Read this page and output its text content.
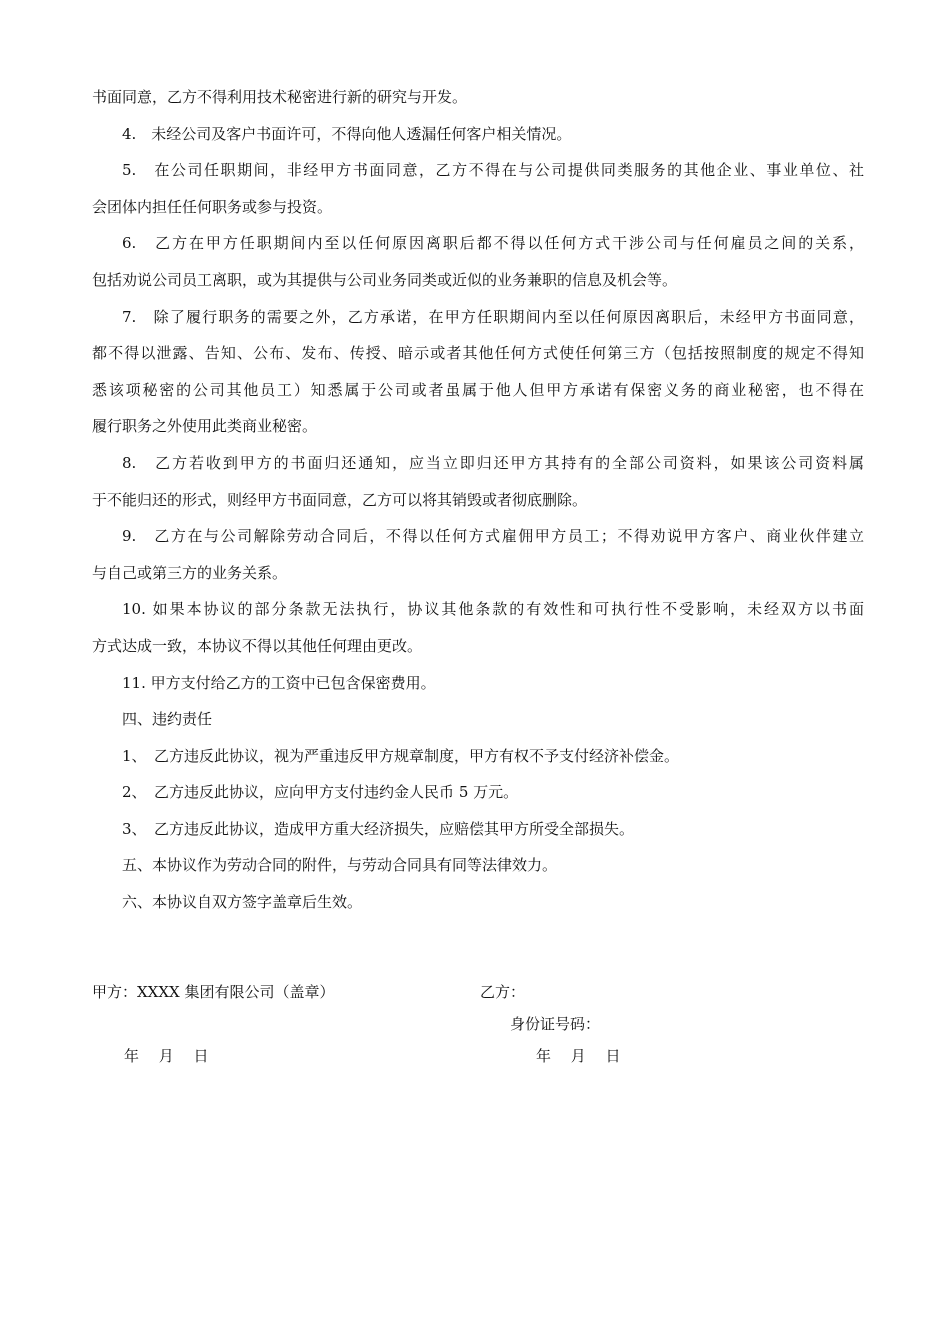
书面同意，乙方不得利用技术秘密进行新的研究与开发。
4.　未经公司及客户书面许可，不得向他人透漏任何客户相关情况。
5.　在公司任职期间，非经甲方书面同意，乙方不得在与公司提供同类服务的其他企业、事业单位、社
会团体内担任任何职务或参与投资。
6.　乙方在甲方任职期间内至以任何原因离职后都不得以任何方式干涉公司与任何雇员之间的关系，
包括劝说公司员工离职，或为其提供与公司业务同类或近似的业务兼职的信息及机会等。
7.　除了履行职务的需要之外，乙方承诺，在甲方任职期间内至以任何原因离职后，未经甲方书面同意，
都不得以泄露、告知、公布、发布、传授、暗示或者其他任何方式使任何第三方（包括按照制度的规定不得知
悉该项秘密的公司其他员工）知悉属于公司或者虽属于他人但甲方承诺有保密义务的商业秘密，也不得在
履行职务之外使用此类商业秘密。
8.　乙方若收到甲方的书面归还通知，应当立即归还甲方其持有的全部公司资料，如果该公司资料属
于不能归还的形式，则经甲方书面同意，乙方可以将其销毁或者彻底删除。
9.　乙方在与公司解除劳动合同后，不得以任何方式雇佣甲方员工；不得劝说甲方客户、商业伙伴建立
与自己或第三方的业务关系。
10. 如果本协议的部分条款无法执行，协议其他条款的有效性和可执行性不受影响，未经双方以书面
方式达成一致，本协议不得以其他任何理由更改。
11. 甲方支付给乙方的工资中已包含保密费用。
四、违约责任
1、　乙方违反此协议，视为严重违反甲方规章制度，甲方有权不予支付经济补偿金。
2、　乙方违反此协议，应向甲方支付违约金人民币 5 万元。
3、　乙方违反此协议，造成甲方重大经济损失，应赔偿其甲方所受全部损失。
五、本协议作为劳动合同的附件，与劳动合同具有同等法律效力。
六、本协议自双方签字盖章后生效。
甲方：XXXX 集团有限公司（盖章）	乙方：
身份证号码：
年　 月　 日	年　 月　 日
